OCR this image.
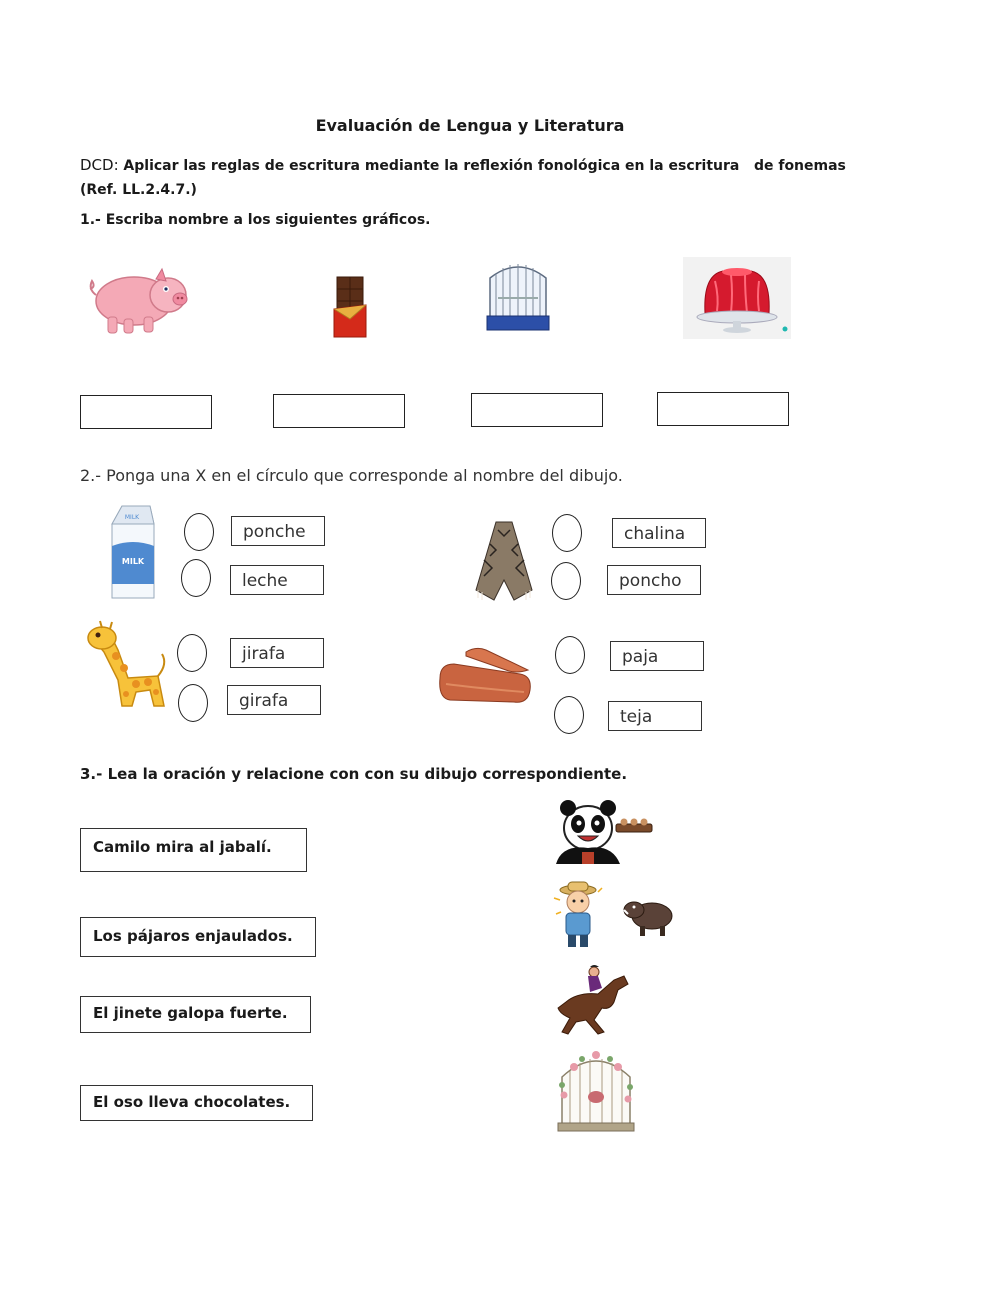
Evaluación de Lengua y Literatura
DCD: Aplicar las reglas de escritura mediante la reflexión fonológica en la escritura   de fonemas
(Ref. LL.2.4.7.)
1.- Escriba nombre a los siguientes gráficos.
2.- Ponga una X en el círculo que corresponde al nombre del dibujo.
MILK
MILK
ponche
leche
chalina
poncho
jirafa
girafa
paja
teja
3.- Lea la oración y relacione con con su dibujo correspondiente.
Camilo mira al jabalí.
Los pájaros enjaulados.
El jinete galopa fuerte.
El oso lleva chocolates.
